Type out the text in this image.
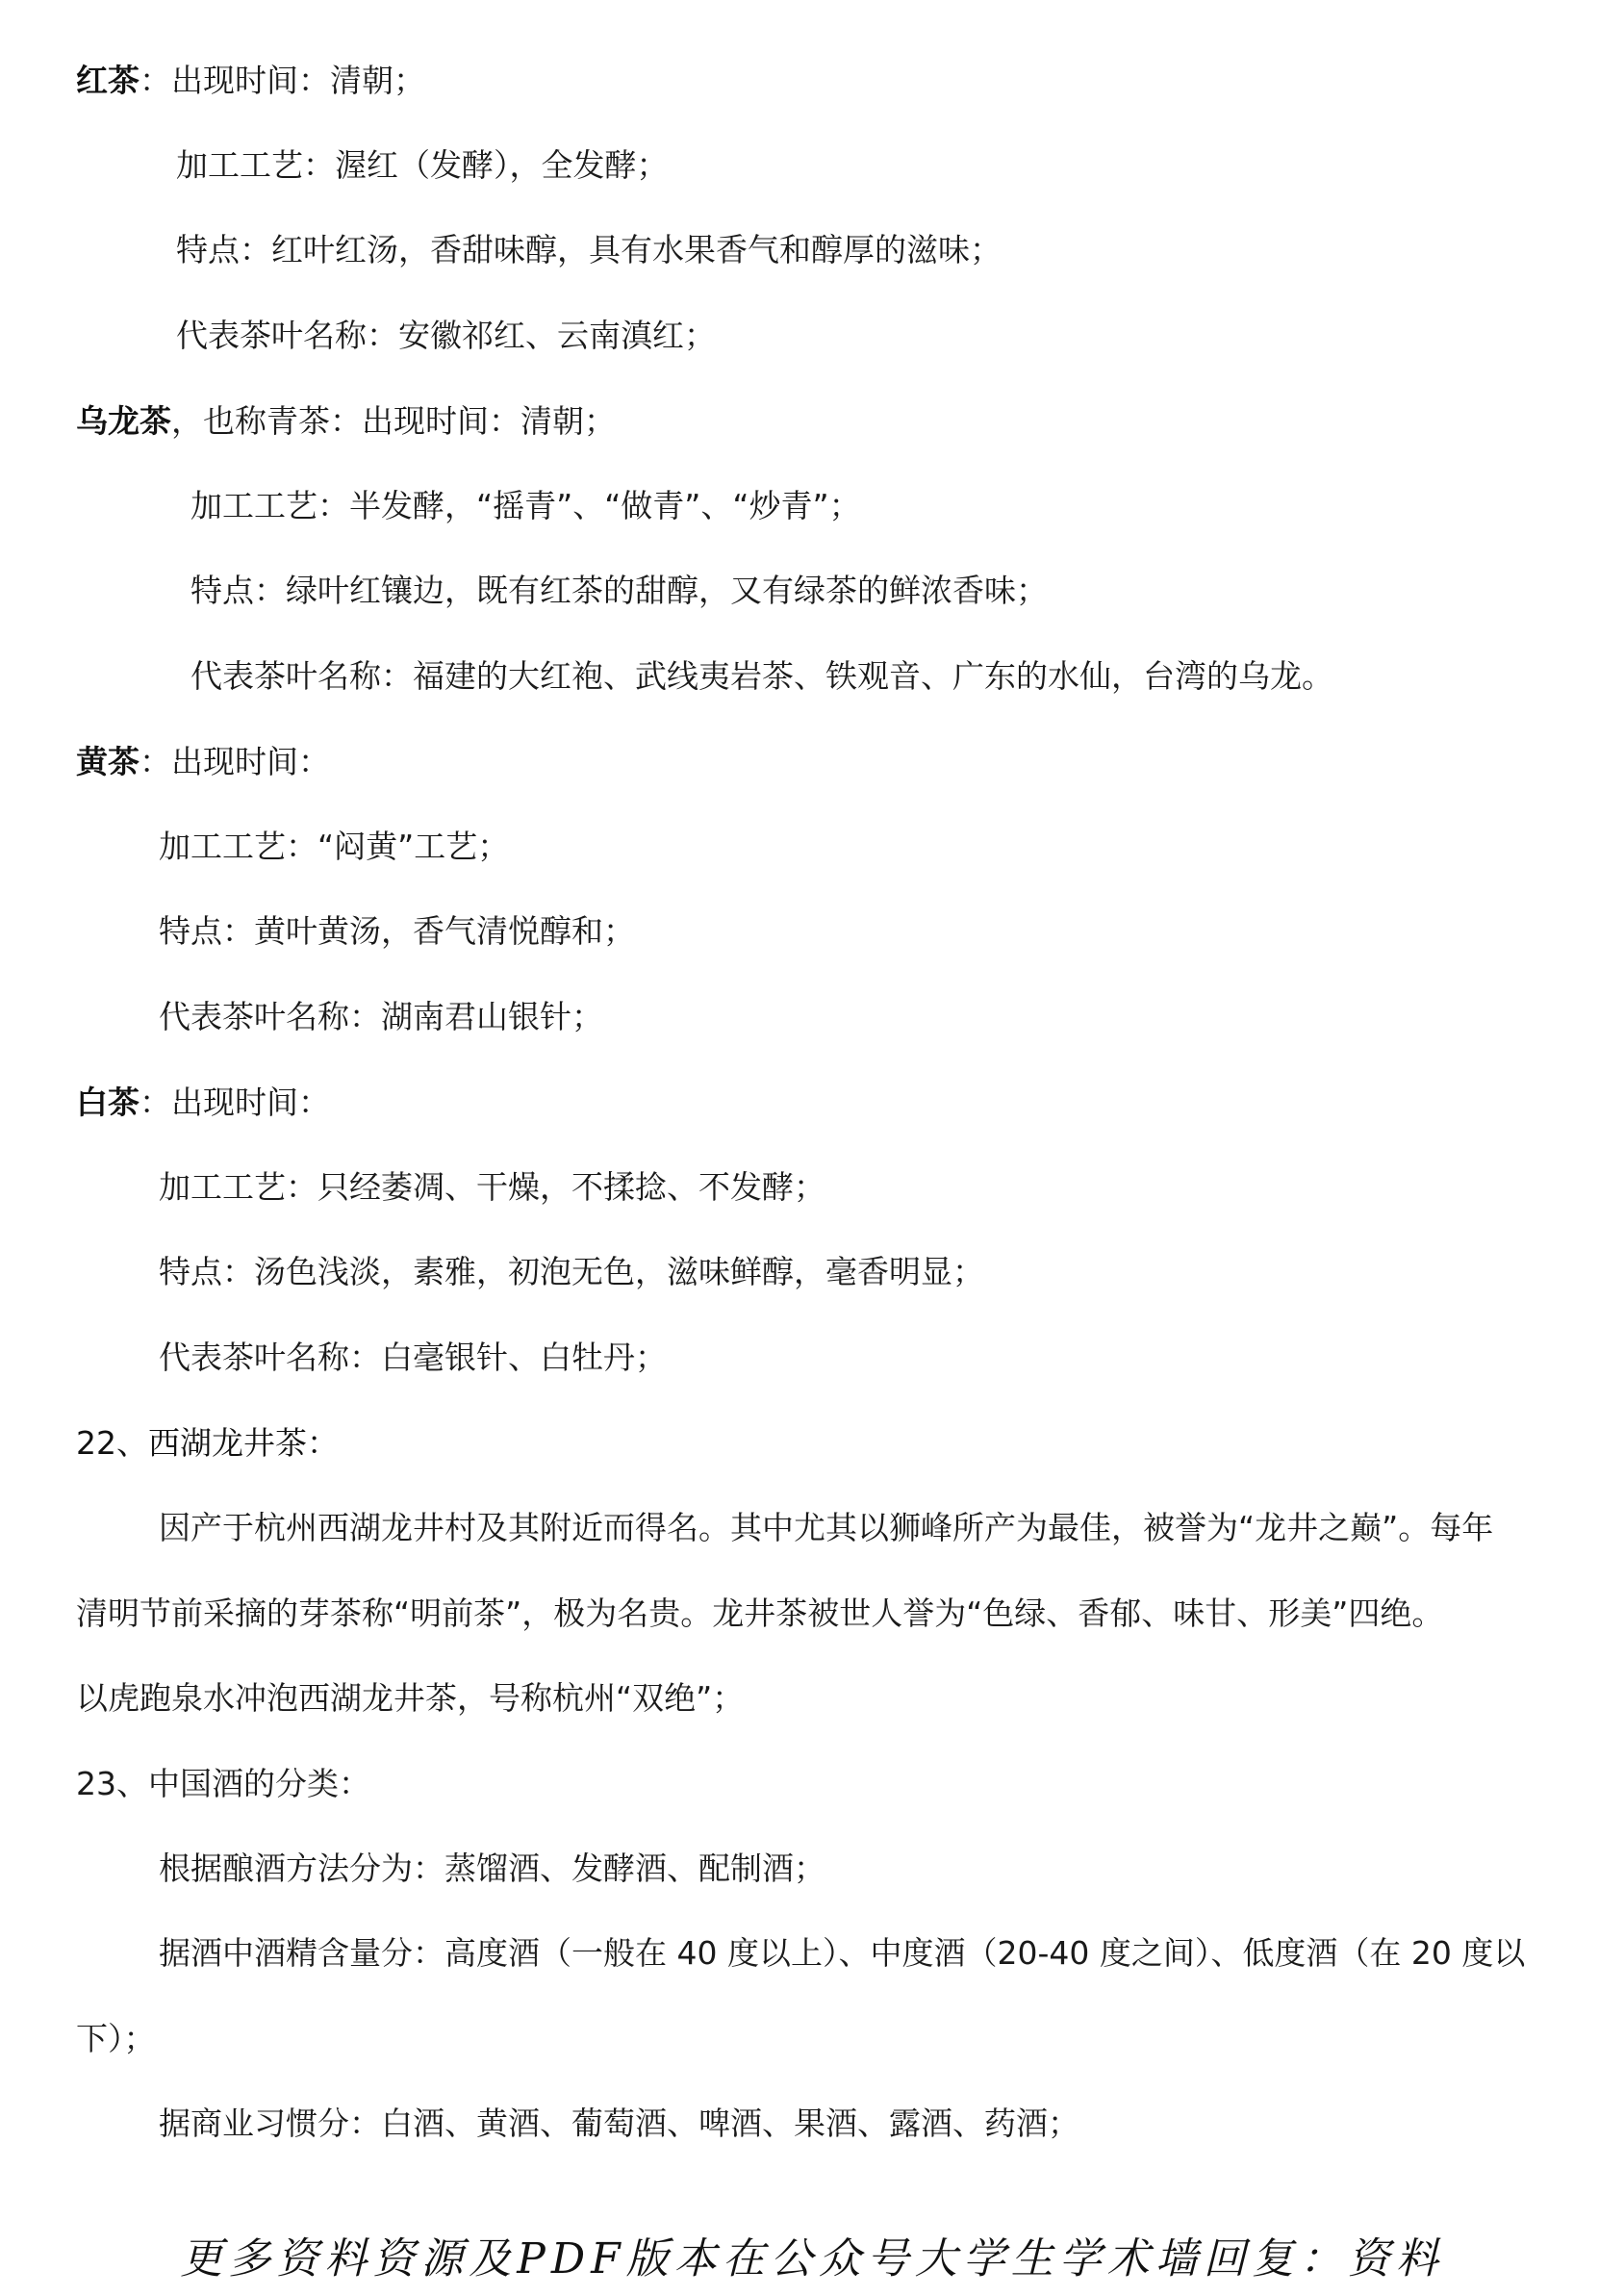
红茶：出现时间：清朝；
加工工艺：渥红（发酵），全发酵；
特点：红叶红汤，香甜味醇，具有水果香气和醇厚的滋味；
代表茶叶名称：安徽祁红、云南滇红；
乌龙茶，也称青茶：出现时间：清朝；
加工工艺：半发酵，“摇青”、“做青”、“炒青”；
特点：绿叶红镶边，既有红茶的甜醇，又有绿茶的鲜浓香味；
代表茶叶名称：福建的大红袍、武线夷岩茶、铁观音、广东的水仙，台湾的乌龙。
黄茶：出现时间：
加工工艺：“闷黄”工艺；
特点：黄叶黄汤，香气清悦醇和；
代表茶叶名称：湖南君山银针；
白茶：出现时间：
加工工艺：只经萎凋、干燥，不揉捻、不发酵；
特点：汤色浅淡，素雅，初泡无色，滋味鲜醇，毫香明显；
代表茶叶名称：白毫银针、白牡丹；
22、西湖龙井茶：
因产于杭州西湖龙井村及其附近而得名。其中尤其以狮峰所产为最佳，被誉为“龙井之巅”。每年
清明节前采摘的芽茶称“明前茶”，极为名贵。龙井茶被世人誉为“色绿、香郁、味甘、形美”四绝。
以虎跑泉水冲泡西湖龙井茶，号称杭州“双绝”；
23、中国酒的分类：
根据酿酒方法分为：蒸馏酒、发酵酒、配制酒；
据酒中酒精含量分：高度酒（一般在 40 度以上）、中度酒（20-40 度之间）、低度酒（在 20 度以
下）；
据商业习惯分：白酒、黄酒、葡萄酒、啤酒、果酒、露酒、药酒；
更多资料资源及PDF版本在公众号大学生学术墙回复：资料
